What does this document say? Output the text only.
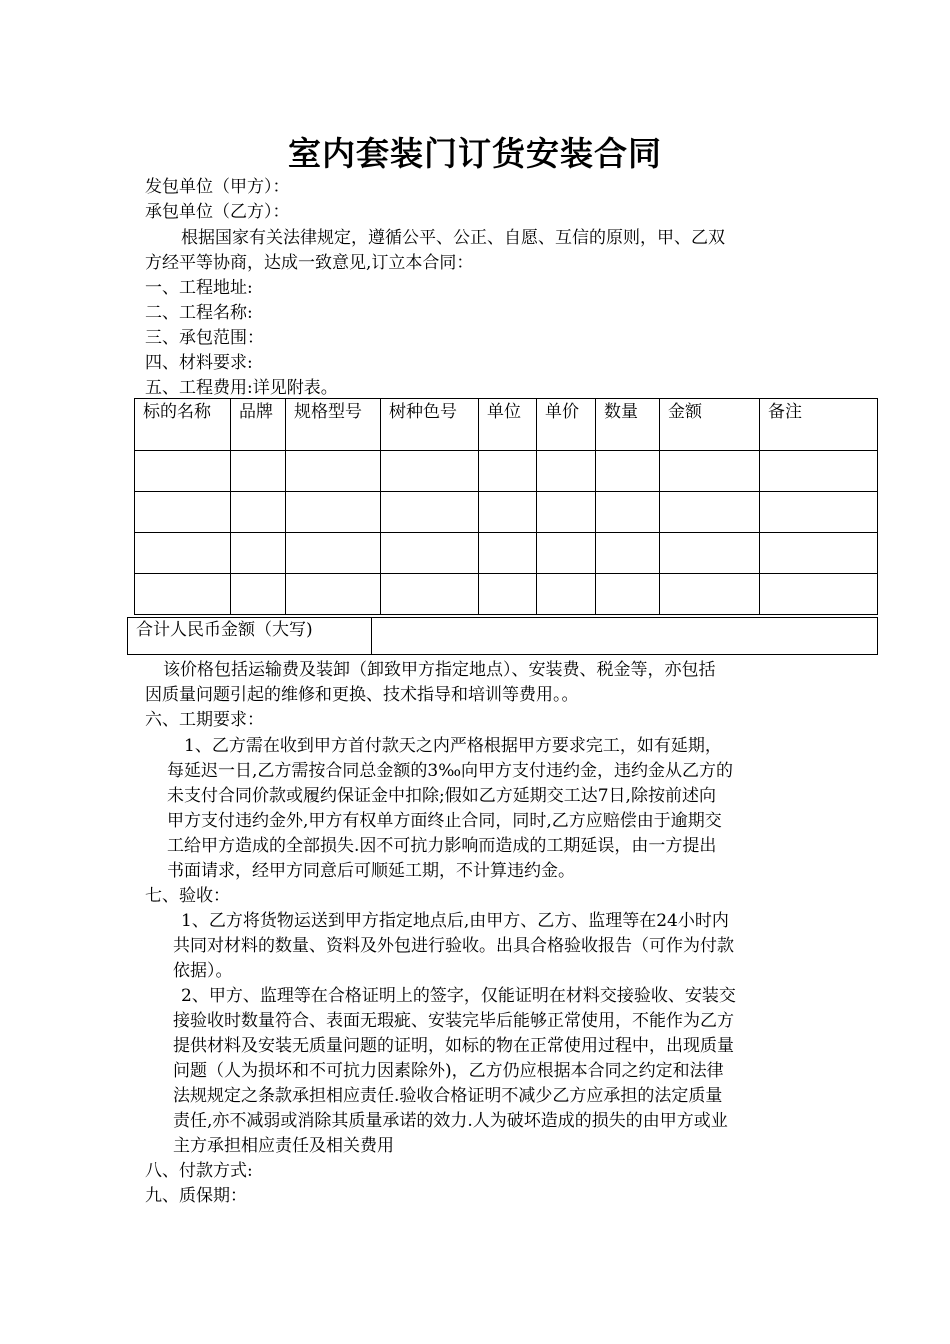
室内套装门订货安装合同
发包单位（甲方）：
承包单位（乙方）：
根据国家有关法律规定，遵循公平、公正、自愿、互信的原则，甲、乙双
方经平等协商，达成一致意见,订立本合同：
一、工程地址:
二、工程名称:
三、承包范围：
四、材料要求:
五、工程费用:详见附表。
标的名称	品牌	规格型号	树种色号	单位	单价	数量	金额	备注

合计人民币金额（大写)	
该价格包括运输费及装卸（卸致甲方指定地点）、安装费、税金等，亦包括
因质量问题引起的维修和更换、技术指导和培训等费用。。
六、工期要求：
1、乙方需在收到甲方首付款天之内严格根据甲方要求完工，如有延期，
每延迟一日,乙方需按合同总金额的3‰向甲方支付违约金，违约金从乙方的
未支付合同价款或履约保证金中扣除;假如乙方延期交工达7日,除按前述向
甲方支付违约金外,甲方有权单方面终止合同，同时,乙方应赔偿由于逾期交
工给甲方造成的全部损失.因不可抗力影响而造成的工期延误，由一方提出
书面请求，经甲方同意后可顺延工期，不计算违约金。
七、验收：
1、乙方将货物运送到甲方指定地点后,由甲方、乙方、监理等在24小时内
共同对材料的数量、资料及外包进行验收。出具合格验收报告（可作为付款
依据）。
2、甲方、监理等在合格证明上的签字，仅能证明在材料交接验收、安装交
接验收时数量符合、表面无瑕疵、安装完毕后能够正常使用，不能作为乙方
提供材料及安装无质量问题的证明，如标的物在正常使用过程中，出现质量
问题（人为损坏和不可抗力因素除外)，乙方仍应根据本合同之约定和法律
法规规定之条款承担相应责任.验收合格证明不减少乙方应承担的法定质量
责任,亦不减弱或消除其质量承诺的效力.人为破坏造成的损失的由甲方或业
主方承担相应责任及相关费用
八、付款方式:
九、质保期：
